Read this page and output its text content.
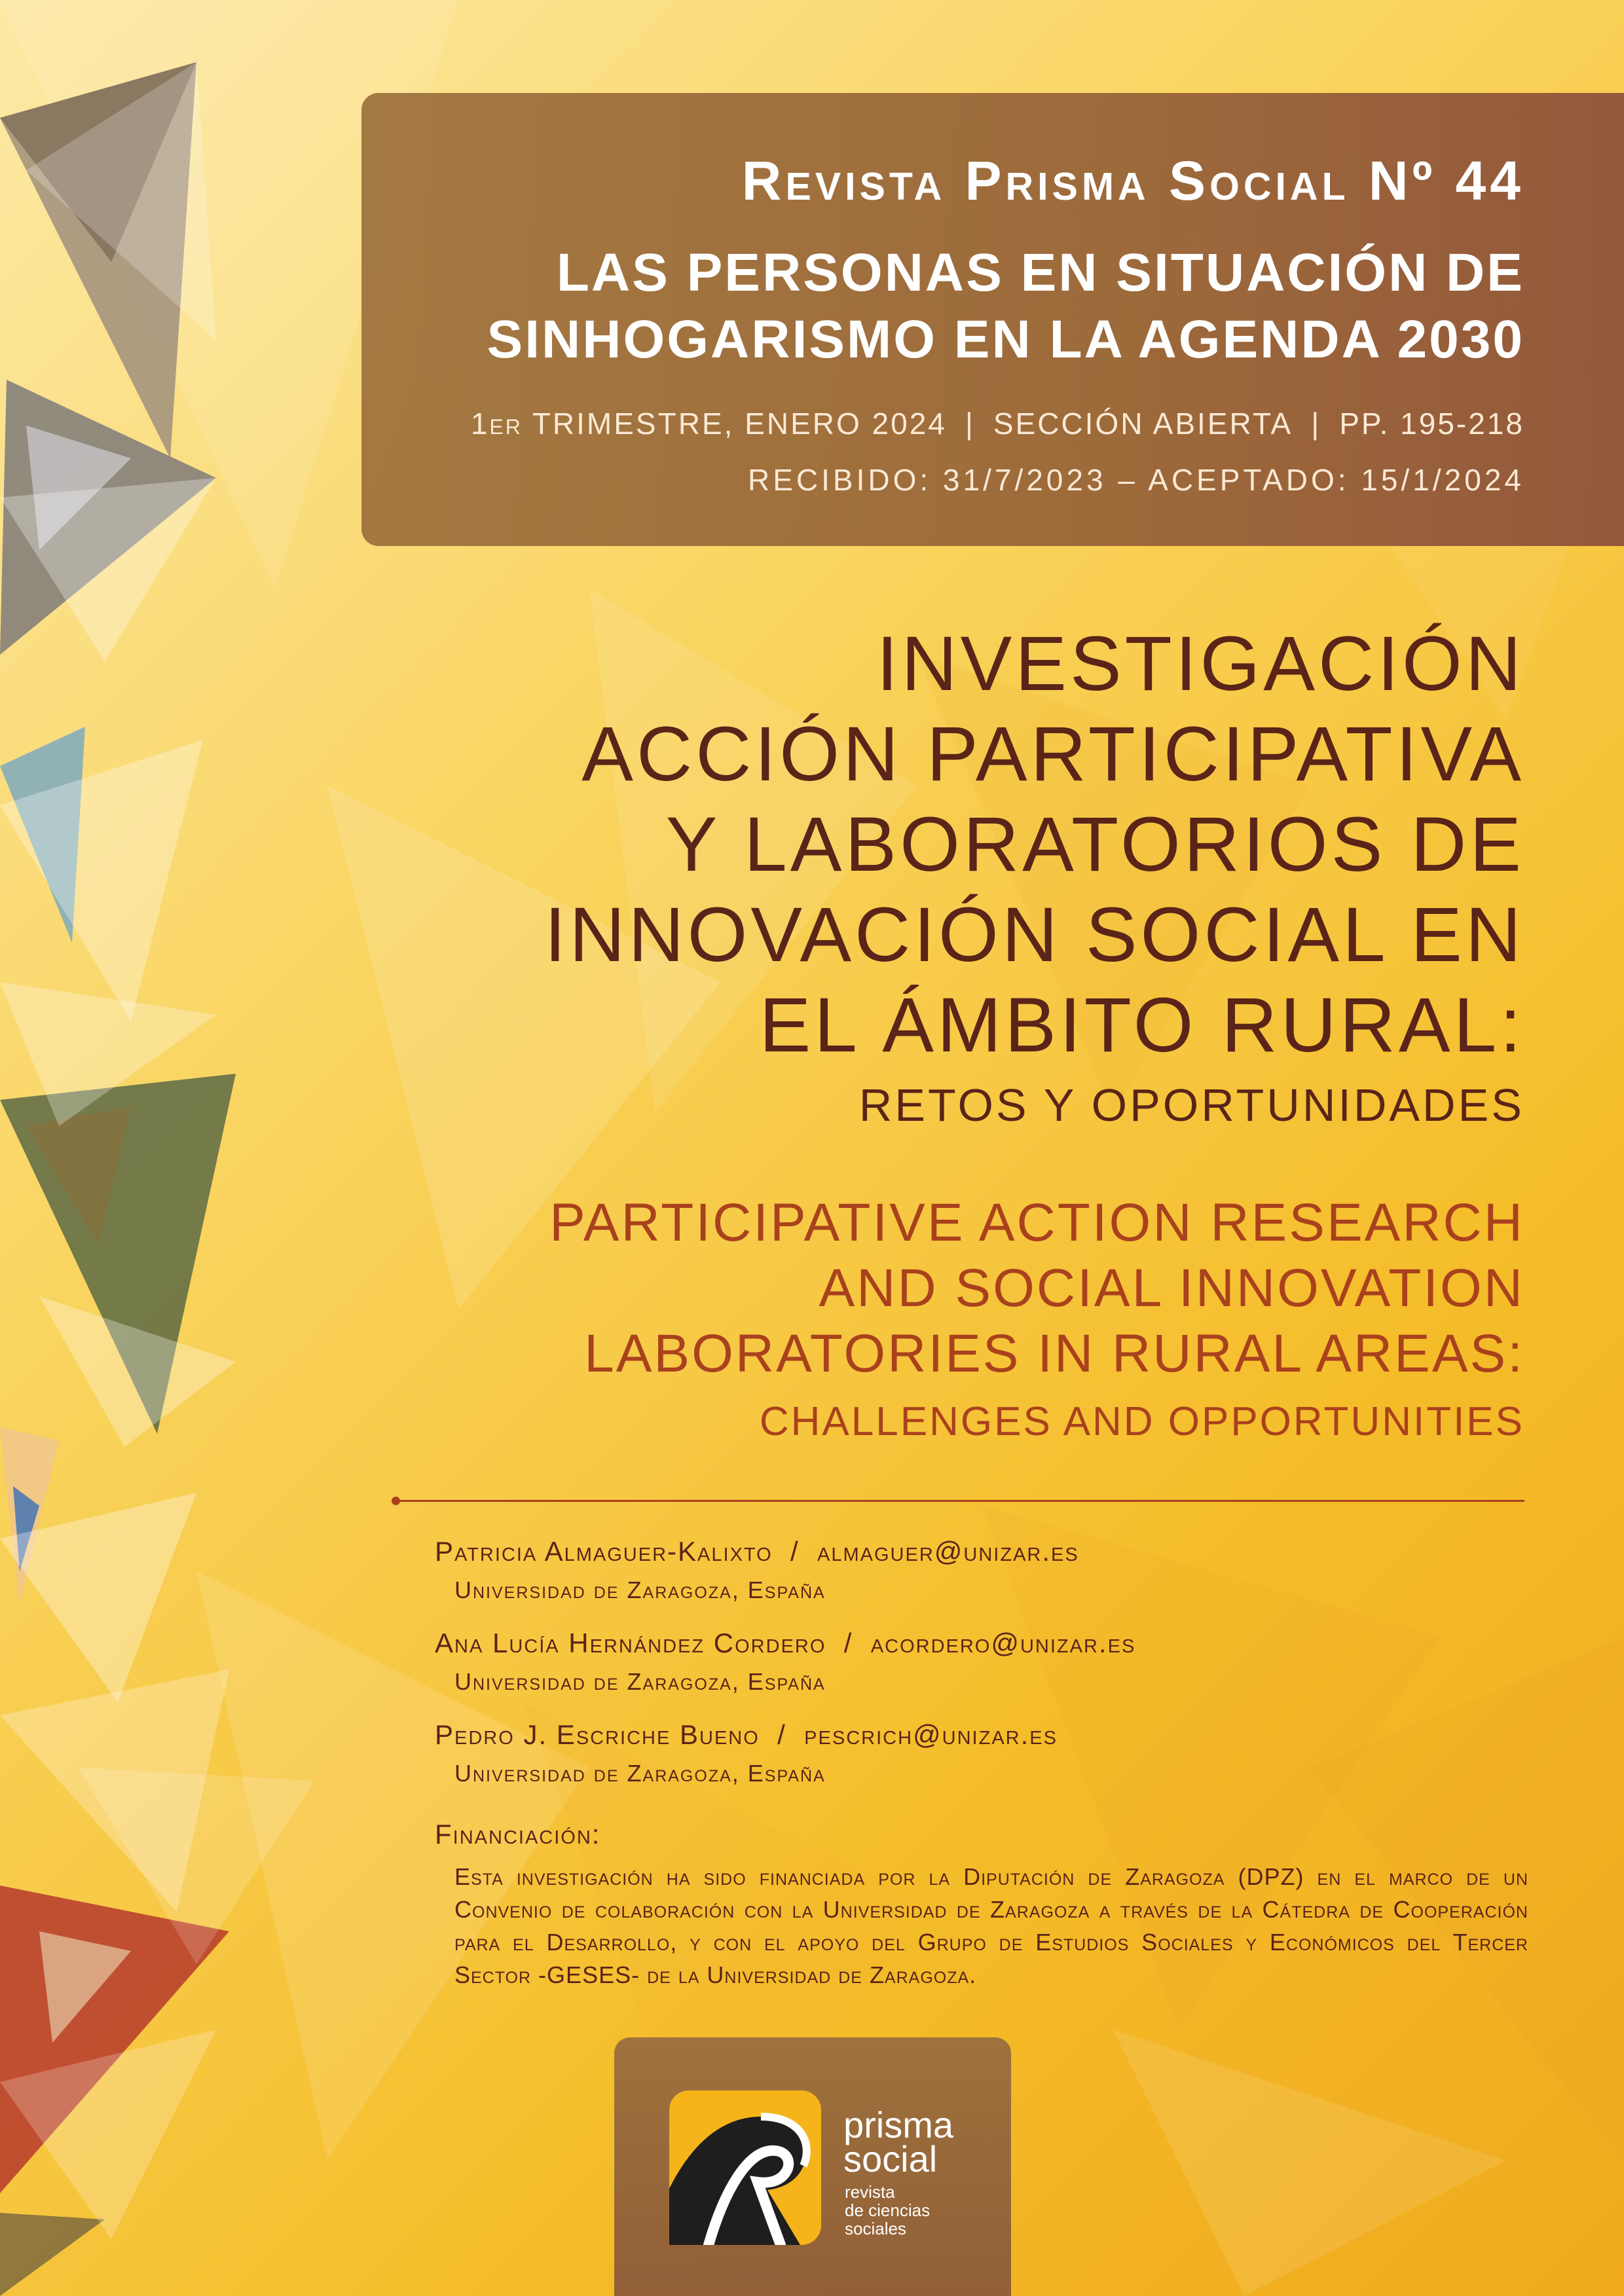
Revista Prisma Social Nº 44
LAS PERSONAS EN SITUACIÓN DE
SINHOGARISMO EN LA AGENDA 2030
1er TRIMESTRE, ENERO 2024 | SECCIÓN ABIERTA | PP. 195-218
RECIBIDO: 31/7/2023 – ACEPTADO: 15/1/2024
INVESTIGACIÓN
ACCIÓN PARTICIPATIVA
Y LABORATORIOS DE
INNOVACIÓN SOCIAL EN
EL ÁMBITO RURAL:
RETOS Y OPORTUNIDADES
PARTICIPATIVE ACTION RESEARCH
AND SOCIAL INNOVATION
LABORATORIES IN RURAL AREAS:
CHALLENGES AND OPPORTUNITIES
Patricia Almaguer-Kalixto  /  almaguer@unizar.es
Universidad de Zaragoza, España
Ana Lucía Hernández Cordero  /  acordero@unizar.es
Universidad de Zaragoza, España
Pedro J. Escriche Bueno  /  pescrich@unizar.es
Universidad de Zaragoza, España
Financiación:
Esta investigación ha sido financiada por la Diputación de Zaragoza (DPZ) en el marco de un Convenio de colaboración con la Universidad de Zaragoza a través de la Cátedra de Cooperación para el Desarrollo, y con el apoyo del Grupo de Estudios Sociales y Económicos del Tercer Sector -GESES- de la Universidad de Zaragoza.
prisma
social
revista
de ciencias
sociales
